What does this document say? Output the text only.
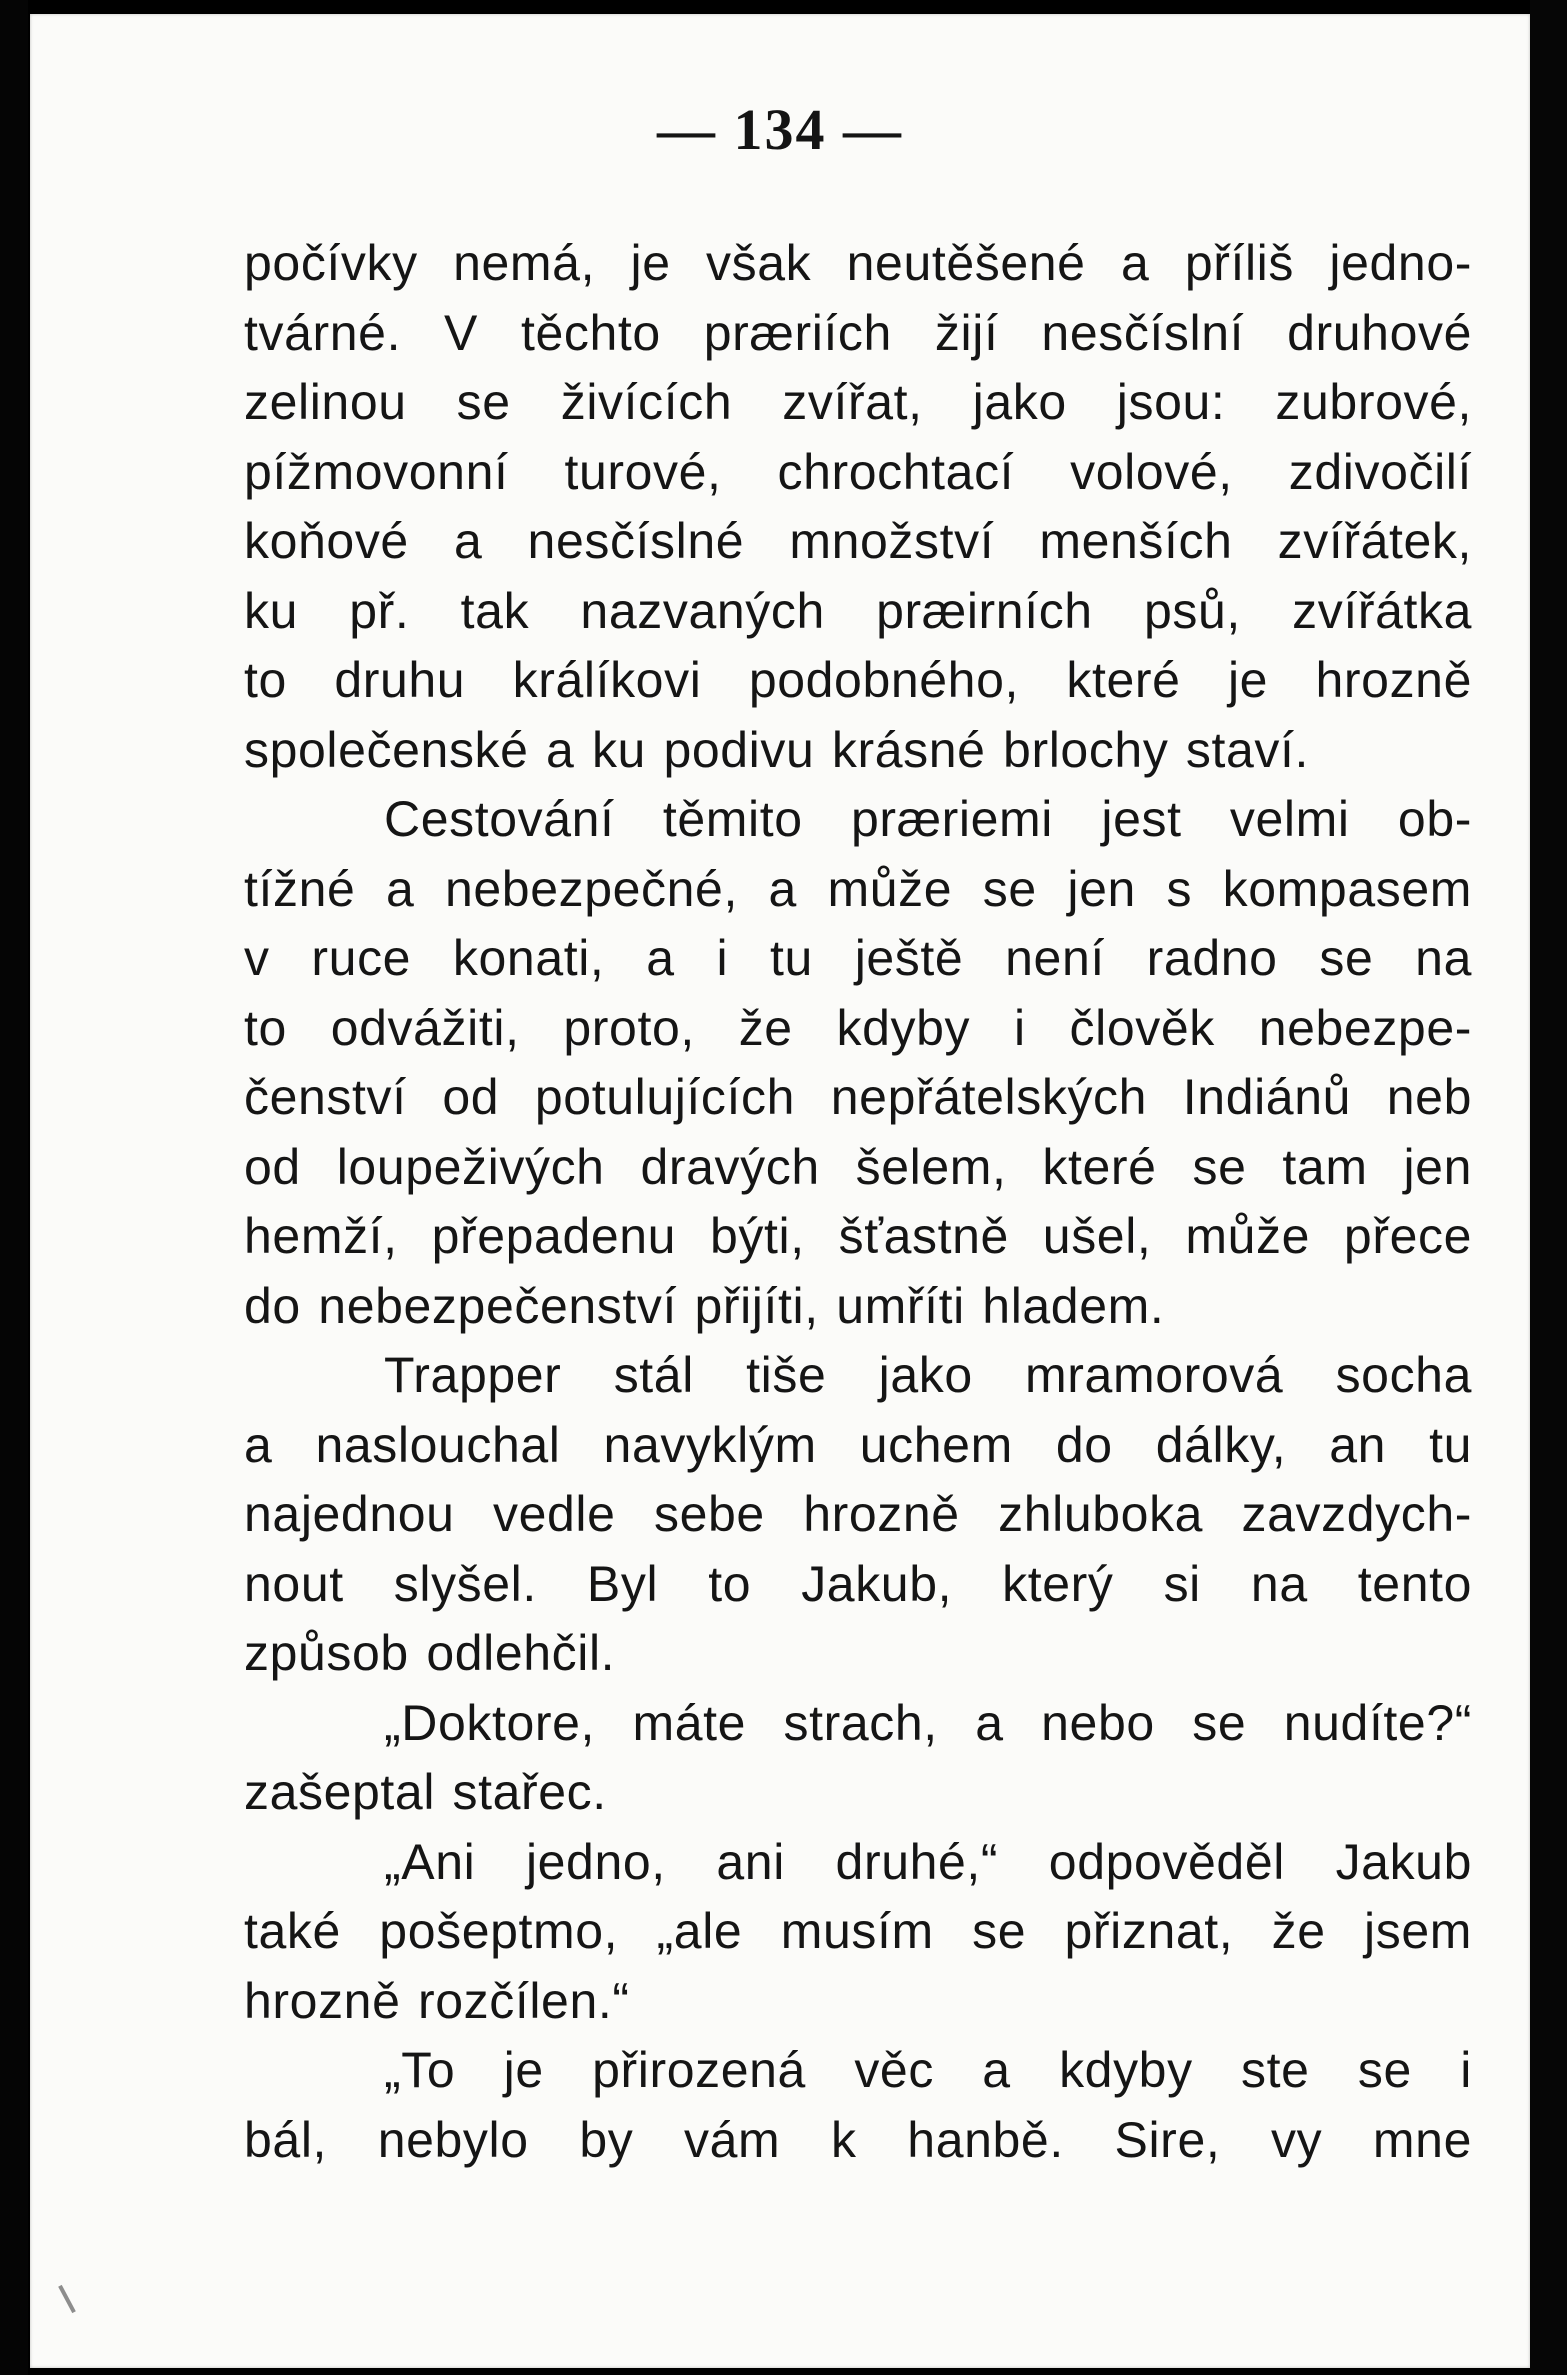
— 134 —
počívky nemá, je však neutěšené a příliš jedno-
tvárné. V těchto præriích žijí nesčíslní druhové
zelinou se živících zvířat, jako jsou: zubrové,
pížmovonní turové, chrochtací volové, zdivočilí
koňové a nesčíslné množství menších zvířátek,
ku př. tak nazvaných præirních psů, zvířátka
to druhu králíkovi podobného, které je hrozně
společenské a ku podivu krásné brlochy staví.
Cestování těmito præriemi jest velmi ob-
tížné a nebezpečné, a může se jen s kompasem
v ruce konati, a i tu ještě není radno se na
to odvážiti, proto, že kdyby i člověk nebezpe-
čenství od potulujících nepřátelských Indiánů neb
od loupeživých dravých šelem, které se tam jen
hemží, přepadenu býti, šťastně ušel, může přece
do nebezpečenství přijíti, umříti hladem.
Trapper stál tiše jako mramorová socha
a naslouchal navyklým uchem do dálky, an tu
najednou vedle sebe hrozně zhluboka zavzdych-
nout slyšel. Byl to Jakub, který si na tento
způsob odlehčil.
„Doktore, máte strach, a nebo se nudíte?“
zašeptal stařec.
„Ani jedno, ani druhé,“ odpověděl Jakub
také pošeptmo, „ale musím se přiznat, že jsem
hrozně rozčílen.“
„To je přirozená věc a kdyby ste se i
bál, nebylo by vám k hanbě. Sire, vy mne
